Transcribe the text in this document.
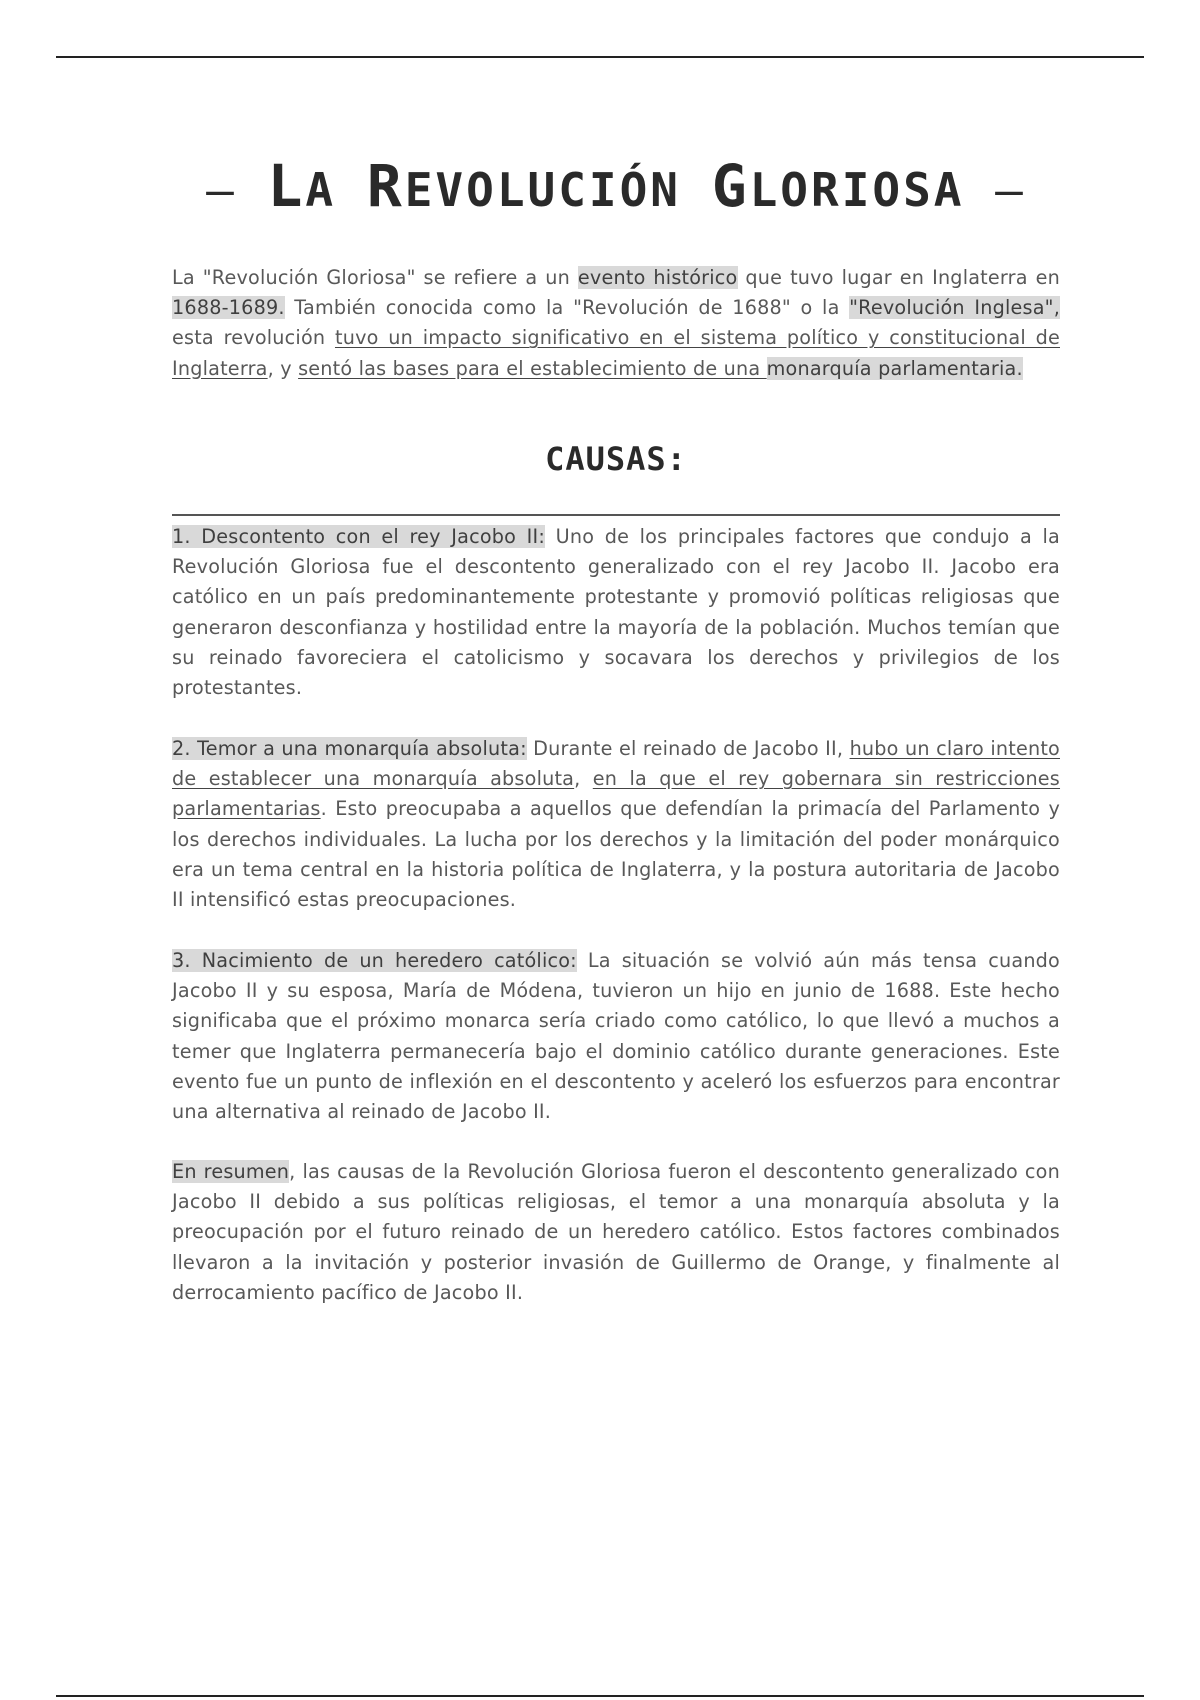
– LA REVOLUCIÓN GLORIOSA –

La "Revolución Gloriosa" se refiere a un evento histórico que tuvo lugar en Inglaterra en 1688-1689. También conocida como la "Revolución de 1688" o la "Revolución Inglesa", esta revolución tuvo un impacto significativo en el sistema político y constitucional de Inglaterra, y sentó las bases para el establecimiento de una monarquía parlamentaria.

CAUSAS:

1. Descontento con el rey Jacobo II: Uno de los principales factores que condujo a la Revolución Gloriosa fue el descontento generalizado con el rey Jacobo II. Jacobo era católico en un país predominantemente protestante y promovió políticas religiosas que generaron desconfianza y hostilidad entre la mayoría de la población. Muchos temían que su reinado favoreciera el catolicismo y socavara los derechos y privilegios de los protestantes.

2. Temor a una monarquía absoluta: Durante el reinado de Jacobo II, hubo un claro intento de establecer una monarquía absoluta, en la que el rey gobernara sin restricciones parlamentarias. Esto preocupaba a aquellos que defendían la primacía del Parlamento y los derechos individuales. La lucha por los derechos y la limitación del poder monárquico era un tema central en la historia política de Inglaterra, y la postura autoritaria de Jacobo II intensificó estas preocupaciones.

3. Nacimiento de un heredero católico: La situación se volvió aún más tensa cuando Jacobo II y su esposa, María de Módena, tuvieron un hijo en junio de 1688. Este hecho significaba que el próximo monarca sería criado como católico, lo que llevó a muchos a temer que Inglaterra permanecería bajo el dominio católico durante generaciones. Este evento fue un punto de inflexión en el descontento y aceleró los esfuerzos para encontrar una alternativa al reinado de Jacobo II.

En resumen, las causas de la Revolución Gloriosa fueron el descontento generalizado con Jacobo II debido a sus políticas religiosas, el temor a una monarquía absoluta y la preocupación por el futuro reinado de un heredero católico. Estos factores combinados llevaron a la invitación y posterior invasión de Guillermo de Orange, y finalmente al derrocamiento pacífico de Jacobo II.
